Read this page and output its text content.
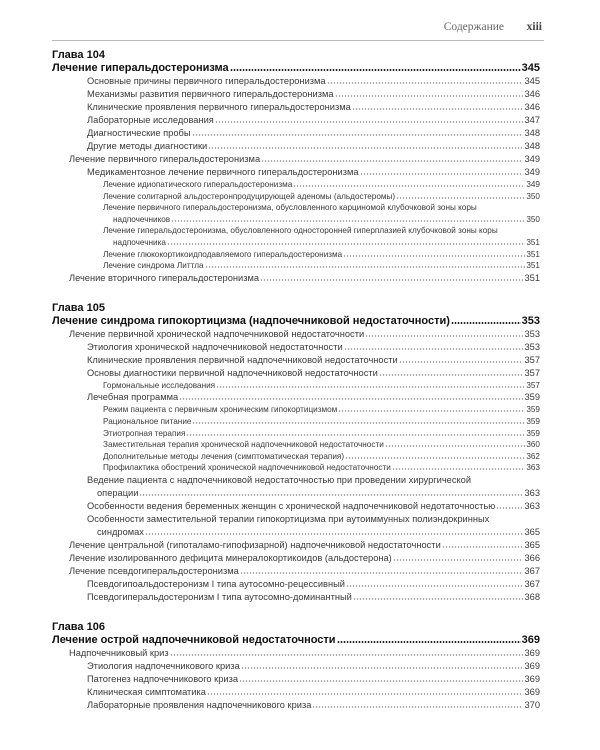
Содержание xiii
Глава 104
Лечение гиперальдостеронизма	345
Основные причины первичного гиперальдостеронизма	345
Механизмы развития первичного гиперальдостеронизма	346
Клинические проявления первичного гиперальдостеронизма	346
Лабораторные исследования	347
Диагностические пробы	348
Другие методы диагностики	348
Лечение первичного гиперальдостеронизма	349
Медикаментозное лечение первичного гиперальдостеронизма	349
Лечение идиопатического гиперальдостеронизма	349
Лечение солитарной альдостеронпродуцирующей аденомы (альдостеромы)	350
Лечение первичного гиперальдостеронизма, обусловленного карциномой клубочковой зоны коры
надпочечников	350
Лечение гиперальдостеронизма, обусловленного односторонней гиперплазией клубочковой зоны коры
надпочечника	351
Лечение глюкокортикоидподавляемого гиперальдостеронизма	351
Лечение синдрома Литтла	351
Лечение вторичного гиперальдостеронизма	351
Глава 105
Лечение синдрома гипокортицизма (надпочечниковой недостаточности)	353
Лечение первичной хронической надпочечниковой недостаточности	353
Этиология хронической надпочечниковой недостаточности	353
Клинические проявления первичной надпочечниковой недостаточности	357
Основы диагностики первичной надпочечниковой недостаточности	357
Гормональные исследования	357
Лечебная программа	359
Режим пациента с первичным хроническим гипокортицизмом	359
Рациональное питание	359
Этиотропная терапия	359
Заместительная терапия хронической надпочечниковой недостаточности	360
Дополнительные методы лечения (симптоматическая терапия)	362
Профилактика обострений хронической надпочечниковой недостаточности	363
Ведение пациента с надпочечниковой недостаточностью при проведении хирургической
операции	363
Особенности ведения беременных женщин с хронической надпочечниковой недотаточностью	363
Особенности заместительной терапии гипокортицизма при аутоиммунных полиэндокринных
синдромах	365
Лечение центральной (гипоталамо-гипофизарной) надпочечниковой недостаточности	365
Лечение изолированного дефицита минералокортикоидов (альдостерона)	366
Лечение псевдогиперальдостеронизма	367
Псевдогипоальдостеронизм I типа аутосомно-рецессивный	367
Псевдогиперальдостеронизм I типа аутосомно-доминантный	368
Глава 106
Лечение острой надпочечниковой недостаточности	369
Надпочечниковый криз	369
Этиология надпочечникового криза	369
Патогенез надпочечникового криза	369
Клиническая симптоматика	369
Лабораторные проявления надпочечникового криза	370
